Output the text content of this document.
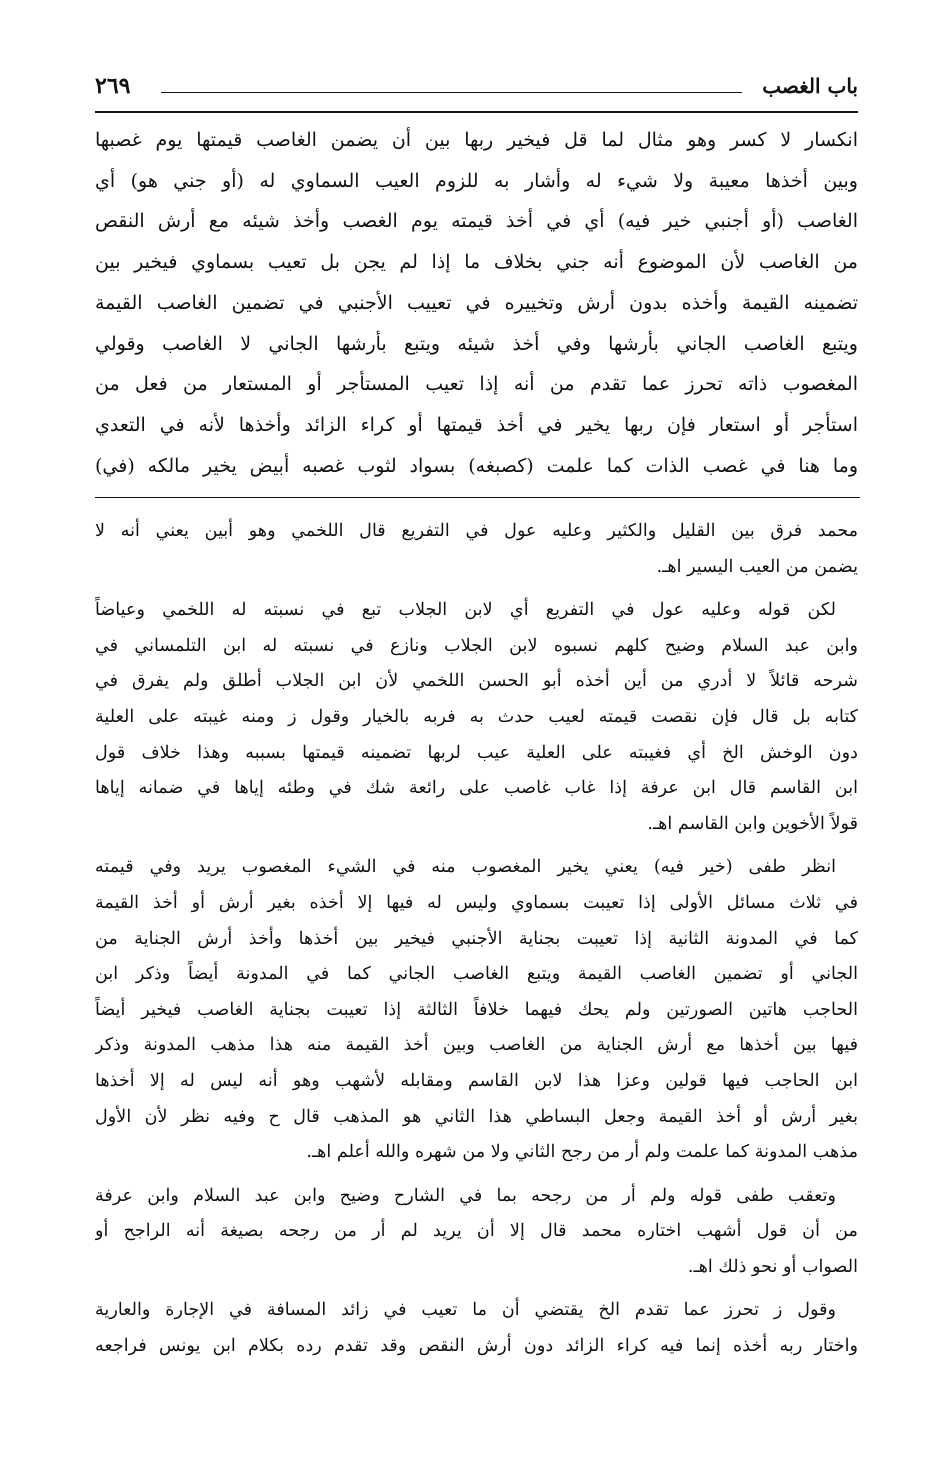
باب الغصب
٢٦٩
انكسار لا كسر وهو مثال لما قل فيخير ربها بين أن يضمن الغاصب قيمتها يوم غصبها
وبين أخذها معيبة ولا شيء له وأشار به للزوم العيب السماوي له (أو جني هو) أي
الغاصب (أو أجنبي خير فيه) أي في أخذ قيمته يوم الغصب وأخذ شيئه مع أرش النقص
من الغاصب لأن الموضوع أنه جني بخلاف ما إذا لم يجن بل تعيب بسماوي فيخير بين
تضمينه القيمة وأخذه بدون أرش وتخييره في تعييب الأجنبي في تضمين الغاصب القيمة
ويتبع الغاصب الجاني بأرشها وفي أخذ شيئه ويتبع بأرشها الجاني لا الغاصب وقولي
المغصوب ذاته تحرز عما تقدم من أنه إذا تعيب المستأجر أو المستعار من فعل من
استأجر أو استعار فإن ربها يخير في أخذ قيمتها أو كراء الزائد وأخذها لأنه في التعدي
وما هنا في غصب الذات كما علمت (كصبغه) بسواد لثوب غصبه أبيض يخير مالكه (في)
محمد فرق بين القليل والكثير وعليه عول في التفريع قال اللخمي وهو أبين يعني أنه لا
يضمن من العيب اليسير اهـ.
لكن قوله وعليه عول في التفريع أي لابن الجلاب تبع في نسبته له اللخمي وعياضاً
وابن عبد السلام وضيح كلهم نسبوه لابن الجلاب ونازع في نسبته له ابن التلمساني في
شرحه قائلاً لا أدري من أين أخذه أبو الحسن اللخمي لأن ابن الجلاب أطلق ولم يفرق في
كتابه بل قال فإن نقصت قيمته لعيب حدث به فربه بالخيار وقول ز ومنه غيبته على العلية
دون الوخش الخ أي فغيبته على العلية عيب لربها تضمينه قيمتها بسببه وهذا خلاف قول
ابن القاسم قال ابن عرفة إذا غاب غاصب على رائعة شك في وطئه إياها في ضمانه إياها
قولاً الأخوين وابن القاسم اهـ.
انظر طفى (خير فيه) يعني يخير المغصوب منه في الشيء المغصوب يريد وفي قيمته
في ثلاث مسائل الأولى إذا تعيبت بسماوي وليس له فيها إلا أخذه بغير أرش أو أخذ القيمة
كما في المدونة الثانية إذا تعيبت بجناية الأجنبي فيخير بين أخذها وأخذ أرش الجناية من
الجاني أو تضمين الغاصب القيمة ويتبع الغاصب الجاني كما في المدونة أيضاً وذكر ابن
الحاجب هاتين الصورتين ولم يحك فيهما خلافاً الثالثة إذا تعيبت بجناية الغاصب فيخير أيضاً
فيها بين أخذها مع أرش الجناية من الغاصب وبين أخذ القيمة منه هذا مذهب المدونة وذكر
ابن الحاجب فيها قولين وعزا هذا لابن القاسم ومقابله لأشهب وهو أنه ليس له إلا أخذها
بغير أرش أو أخذ القيمة وجعل البساطي هذا الثاني هو المذهب قال ح وفيه نظر لأن الأول
مذهب المدونة كما علمت ولم أر من رجح الثاني ولا من شهره والله أعلم اهـ.
وتعقب طفى قوله ولم أر من رجحه بما في الشارح وضيح وابن عبد السلام وابن عرفة
من أن قول أشهب اختاره محمد قال إلا أن يريد لم أر من رجحه بصيغة أنه الراجح أو
الصواب أو نحو ذلك اهـ.
وقول ز تحرز عما تقدم الخ يقتضي أن ما تعيب في زائد المسافة في الإجارة والعارية
واختار ربه أخذه إنما فيه كراء الزائد دون أرش النقص وقد تقدم رده بكلام ابن يونس فراجعه
